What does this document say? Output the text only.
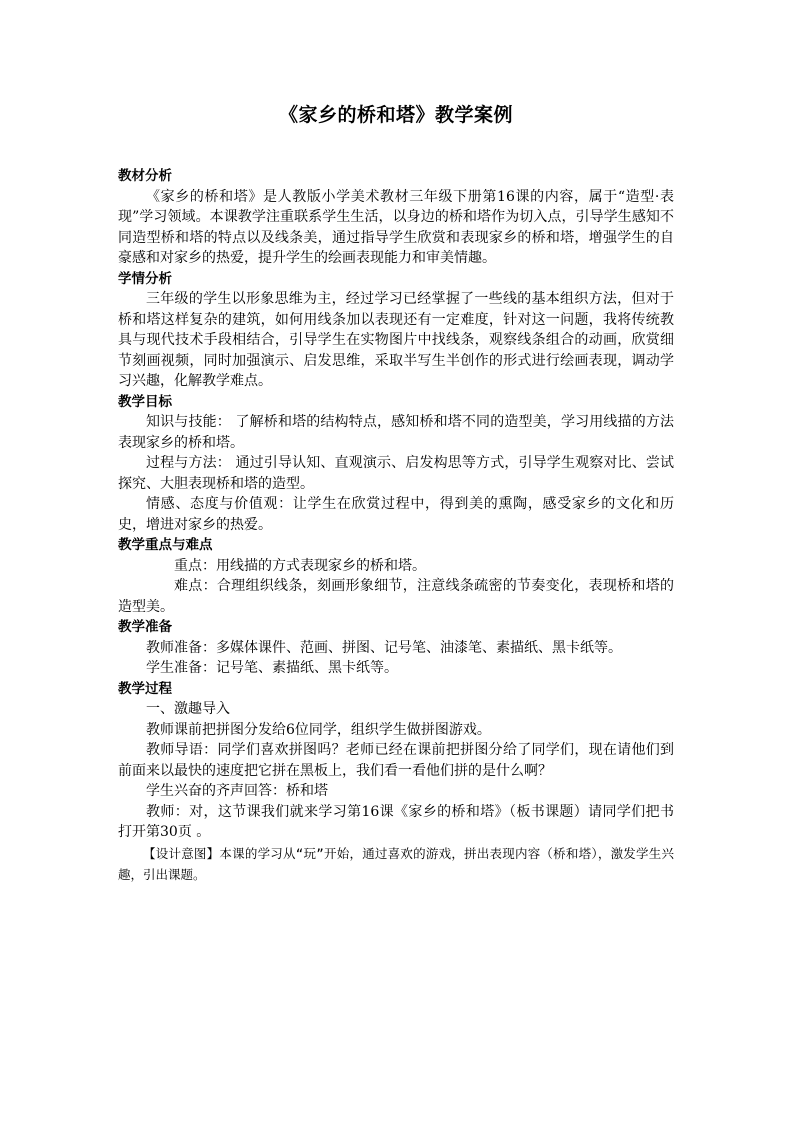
《家乡的桥和塔》教学案例

教材分析

《家乡的桥和塔》是人教版小学美术教材三年级下册第16课的内容，属于“造型·表现”学习领域。本课教学注重联系学生生活，以身边的桥和塔作为切入点，引导学生感知不同造型桥和塔的特点以及线条美，通过指导学生欣赏和表现家乡的桥和塔，增强学生的自豪感和对家乡的热爱，提升学生的绘画表现能力和审美情趣。

学情分析

三年级的学生以形象思维为主，经过学习已经掌握了一些线的基本组织方法，但对于桥和塔这样复杂的建筑，如何用线条加以表现还有一定难度，针对这一问题，我将传统教具与现代技术手段相结合，引导学生在实物图片中找线条，观察线条组合的动画，欣赏细节刻画视频，同时加强演示、启发思维，采取半写生半创作的形式进行绘画表现，调动学习兴趣，化解教学难点。

教学目标

知识与技能： 了解桥和塔的结构特点，感知桥和塔不同的造型美，学习用线描的方法表现家乡的桥和塔。

过程与方法： 通过引导认知、直观演示、启发构思等方式，引导学生观察对比、尝试探究、大胆表现桥和塔的造型。

情感、态度与价值观：让学生在欣赏过程中，得到美的熏陶，感受家乡的文化和历史，增进对家乡的热爱。

教学重点与难点

重点：用线描的方式表现家乡的桥和塔。

难点：合理组织线条，刻画形象细节，注意线条疏密的节奏变化，表现桥和塔的造型美。

教学准备

教师准备：多媒体课件、范画、拼图、记号笔、油漆笔、素描纸、黑卡纸等。

学生准备：记号笔、素描纸、黑卡纸等。

教学过程

一、激趣导入

教师课前把拼图分发给6位同学，组织学生做拼图游戏。

教师导语：同学们喜欢拼图吗？老师已经在课前把拼图分给了同学们，现在请他们到前面来以最快的速度把它拼在黑板上，我们看一看他们拼的是什么啊？

学生兴奋的齐声回答：桥和塔

教师：对，这节课我们就来学习第16课《家乡的桥和塔》（板书课题）请同学们把书打开第30页 。

【设计意图】本课的学习从“玩”开始，通过喜欢的游戏，拼出表现内容（桥和塔），激发学生兴趣，引出课题。
